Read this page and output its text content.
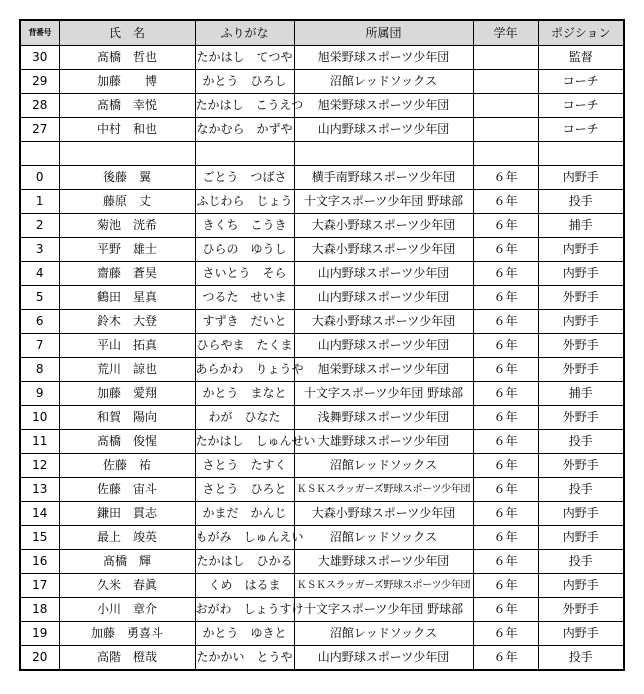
背番号	氏　名	ふりがな	所属団	学年	ポジション
30	髙橋　哲也	たかはし　てつや	旭栄野球スポーツ少年団		監督
29	加藤　　博	かとう　ひろし	沼館レッドソックス		コーチ
28	髙橋　幸悦	たかはし　こうえつ	旭栄野球スポーツ少年団		コーチ
27	中村　和也	なかむら　かずや	山内野球スポーツ少年団		コーチ

0	後藤　翼	ごとう　つばさ	横手南野球スポーツ少年団	６年	内野手
1	藤原　丈	ふじわら　じょう	十文字スポーツ少年団 野球部	６年	投手
2	菊池　洸希	きくち　こうき	大森小野球スポーツ少年団	６年	捕手
3	平野　雄士	ひらの　ゆうし	大森小野球スポーツ少年団	６年	内野手
4	齋藤　蒼昊	さいとう　そら	山内野球スポーツ少年団	６年	内野手
5	鶴田　星真	つるた　せいま	山内野球スポーツ少年団	６年	外野手
6	鈴木　大登	すずき　だいと	大森小野球スポーツ少年団	６年	内野手
7	平山　拓真	ひらやま　たくま	山内野球スポーツ少年団	６年	外野手
8	荒川　諒也	あらかわ　りょうや	旭栄野球スポーツ少年団	６年	外野手
9	加藤　愛翔	かとう　まなと	十文字スポーツ少年団 野球部	６年	捕手
10	和賀　陽向	わが　ひなた	浅舞野球スポーツ少年団	６年	外野手
11	髙橋　俊惺	たかはし　しゅんせい	大雄野球スポーツ少年団	６年	投手
12	佐藤　祐	さとう　たすく	沼館レッドソックス	６年	外野手
13	佐藤　宙斗	さとう　ひろと	ＫＳＫスラッガーズ野球スポーツ少年団	６年	投手
14	鎌田　貫志	かまだ　かんじ	大森小野球スポーツ少年団	６年	内野手
15	最上　竣英	もがみ　しゅんえい	沼館レッドソックス	６年	内野手
16	髙橋　輝	たかはし　ひかる	大雄野球スポーツ少年団	６年	投手
17	久米　春眞	くめ　はるま	ＫＳＫスラッガーズ野球スポーツ少年団	６年	内野手
18	小川　章介	おがわ　しょうすけ	十文字スポーツ少年団 野球部	６年	外野手
19	加藤　勇喜斗	かとう　ゆきと	沼館レッドソックス	６年	内野手
20	高階　橙哉	たかかい　とうや	山内野球スポーツ少年団	６年	投手
